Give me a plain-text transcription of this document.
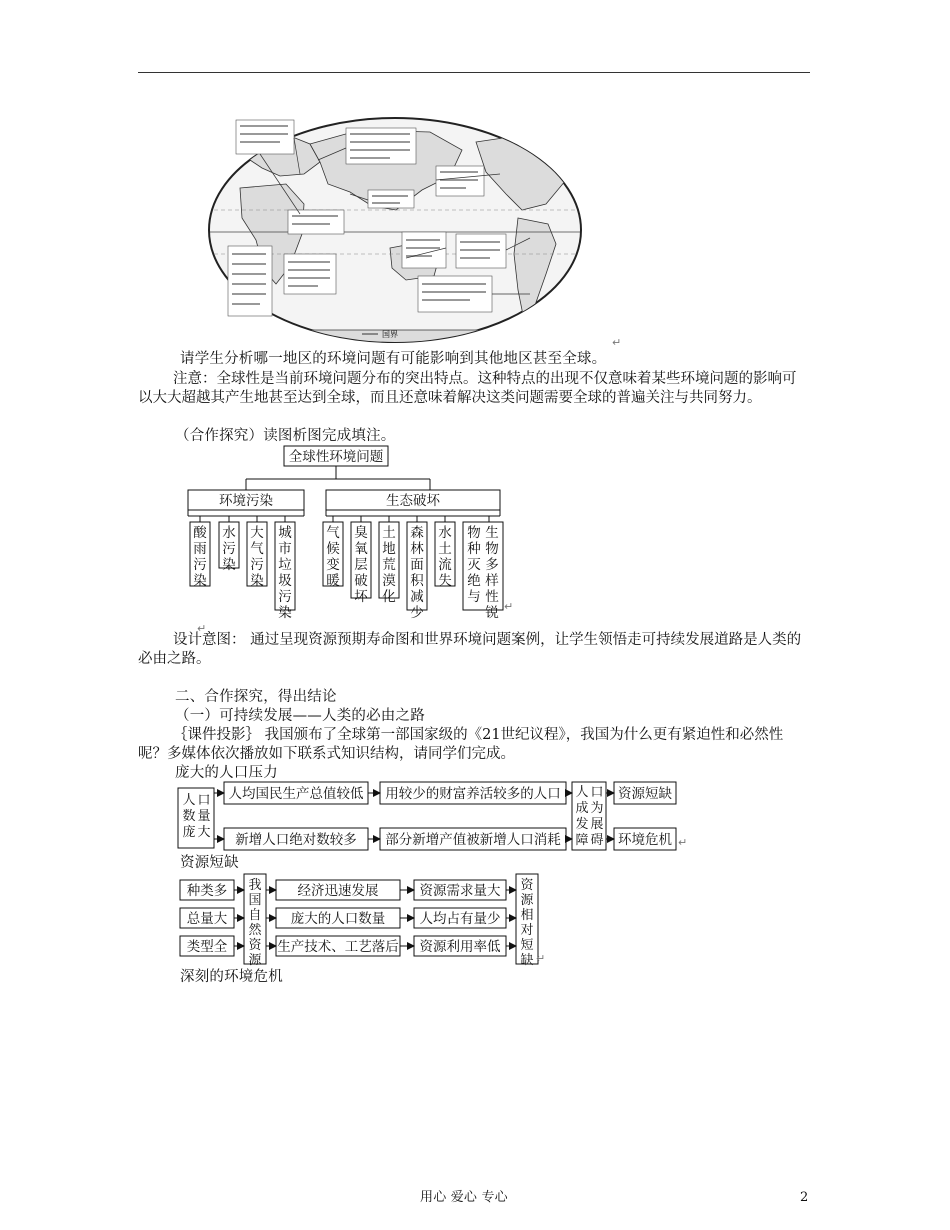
国界
↵
请学生分析哪一地区的环境问题有可能影响到其他地区甚至全球。
注意：全球性是当前环境问题分布的突出特点。这种特点的出现不仅意味着某些环境问题的影响可以大大超越其产生地甚至达到全球，而且还意味着解决这类问题需要全球的普遍关注与共同努力。
（合作探究）读图析图完成填注。
全球性环境问题
环境污染	生态破坏
酸雨污染
水污染
大气污染
城市垃圾污染
气候变暖
臭氧层破坏
土地荒漠化
森林面积减少
水土流失
物种灭绝与生物多样性锐 ↵
↵
设计意图： 通过呈现资源预期寿命图和世界环境问题案例，让学生领悟走可持续发展道路是人类的必由之路。
二、合作探究，得出结论
（一）可持续发展——人类的必由之路
｛课件投影｝ 我国颁布了全球第一部国家级的《21世纪议程》，我国为什么更有紧迫性和必然性呢？多媒体依次播放如下联系式知识结构，请同学们完成。
庞大的人口压力
人均国民生产总值较低 用较少的财富养活较多的人口
新增人口绝对数较多 部分新增产值被新增人口消耗
资源短缺
环境危机
人 口数 量庞 大
人 口成 为发 展障 碍	↵
资源短缺
种类多
总量大
类型全
经济迅速发展
庞大的人口数量
生产技术、工艺落后
资源需求量大
人均占有量少
资源利用率低
我国自然资源
资源相对短缺 ↵
深刻的环境危机
用心 爱心 专心	2
